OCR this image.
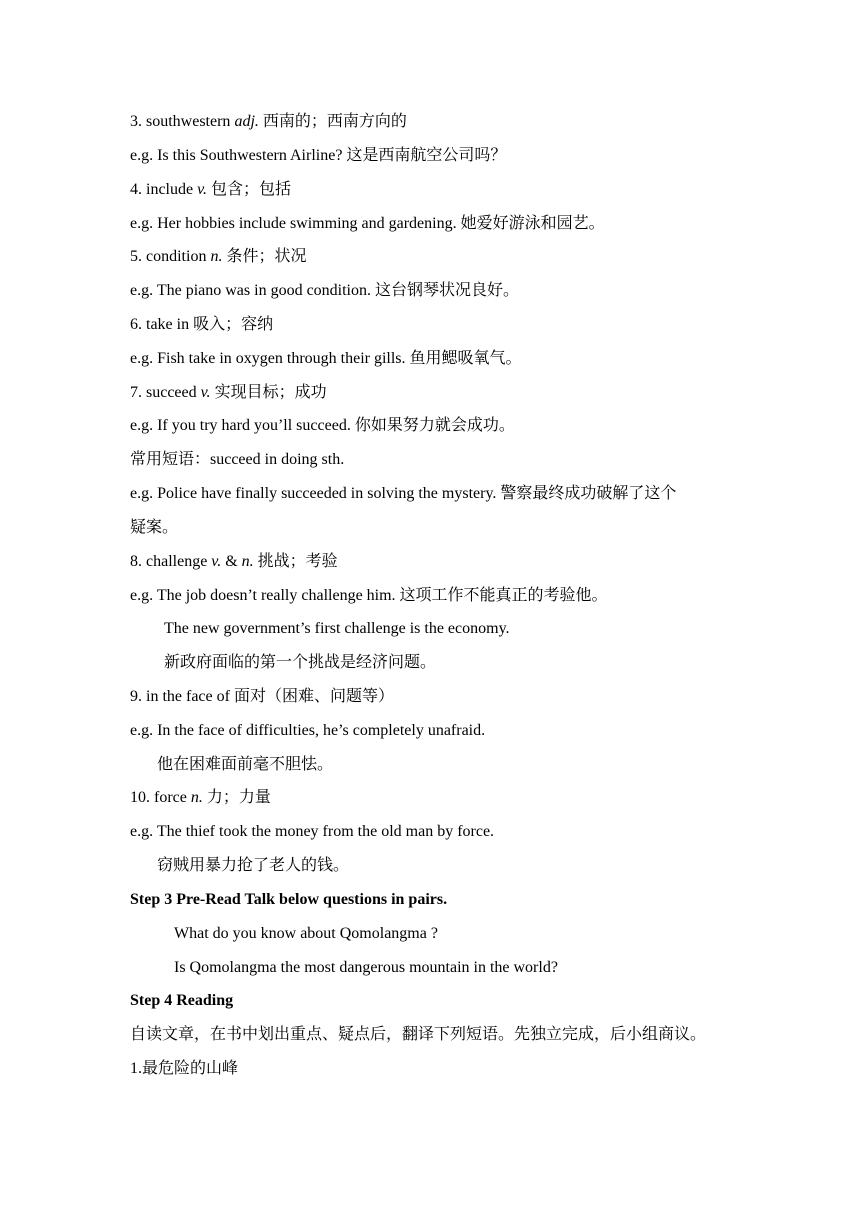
3. southwestern adj. 西南的；西南方向的
e.g. Is this Southwestern Airline? 这是西南航空公司吗？
4. include v. 包含；包括
e.g. Her hobbies include swimming and gardening. 她爱好游泳和园艺。
5. condition n. 条件；状况
e.g. The piano was in good condition. 这台钢琴状况良好。
6. take in 吸入；容纳
e.g. Fish take in oxygen through their gills. 鱼用鳃吸氧气。
7. succeed v. 实现目标；成功
e.g. If you try hard you’ll succeed. 你如果努力就会成功。
常用短语：succeed in doing sth.
e.g. Police have finally succeeded in solving the mystery. 警察最终成功破解了这个
疑案。
8. challenge v. & n. 挑战；考验
e.g. The job doesn’t really challenge him. 这项工作不能真正的考验他。
The new government’s first challenge is the economy.
新政府面临的第一个挑战是经济问题。
9. in the face of 面对（困难、问题等）
e.g. In the face of difficulties, he’s completely unafraid.
他在困难面前毫不胆怯。
10. force n. 力；力量
e.g. The thief took the money from the old man by force.
窃贼用暴力抢了老人的钱。
Step 3 Pre-Read Talk below questions in pairs.
What do you know about Qomolangma ?
Is Qomolangma the most dangerous mountain in the world?
Step 4 Reading
自读文章，在书中划出重点、疑点后，翻译下列短语。先独立完成，后小组商议。
1.最危险的山峰
